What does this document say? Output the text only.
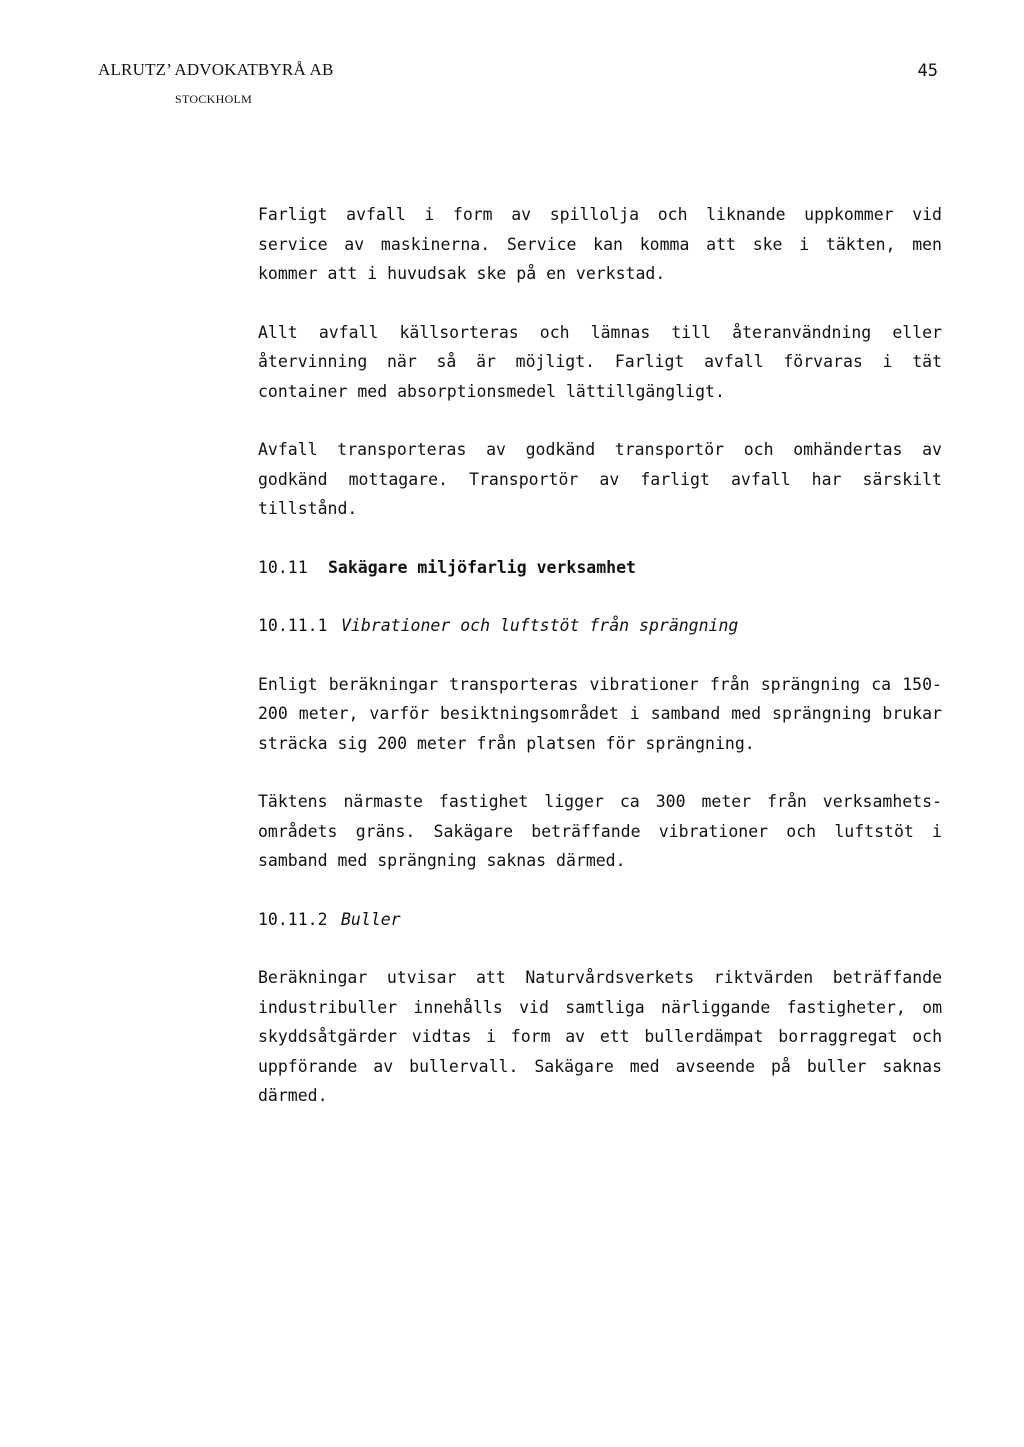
ALRUTZ’ ADVOKATBYRÅ AB
STOCKHOLM
45

Farligt avfall i form av spillolja och liknande uppkommer vid service av maskinerna. Service kan komma att ske i täkten, men kommer att i huvudsak ske på en verkstad.

Allt avfall källsorteras och lämnas till återanvändning eller återvinning när så är möjligt. Farligt avfall förvaras i tät container med absorptionsmedel lättillgängligt.

Avfall transporteras av godkänd transportör och omhändertas av godkänd mottagare. Transportör av farligt avfall har särskilt tillstånd.

10.11	Sakägare miljöfarlig verksamhet
10.11.1 Vibrationer och luftstöt från sprängning

Enligt beräkningar transporteras vibrationer från sprängning ca 150-200 meter, varför besiktningsområdet i samband med sprängning brukar sträcka sig 200 meter från platsen för sprängning.

Täktens närmaste fastighet ligger ca 300 meter från verksamhets-områdets gräns. Sakägare beträffande vibrationer och luftstöt i samband med sprängning saknas därmed.

10.11.2 Buller

Beräkningar utvisar att Naturvårdsverkets riktvärden beträffande industribuller innehålls vid samtliga närliggande fastigheter, om skyddsåtgärder vidtas i form av ett bullerdämpat borraggregat och uppförande av bullervall. Sakägare med avseende på buller saknas därmed.
